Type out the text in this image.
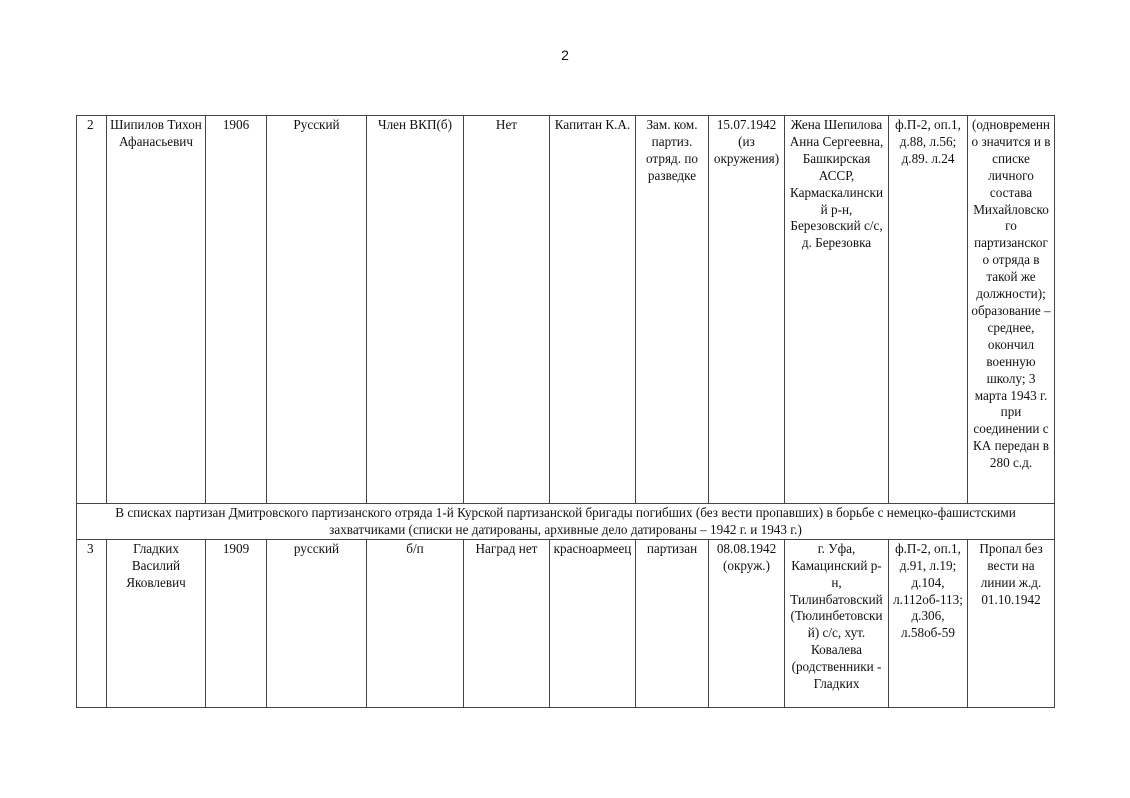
2
2	Шипилов Тихон Афанасьевич	1906	Русский	Член ВКП(б)	Нет	Капитан К.А.	Зам. ком. партиз. отряд. по разведке	15.07.1942 (из окружения)	Жена Шепилова Анна Сергеевна, Башкирская АССР, Кармаскалинский р-н, Березовский с/с, д. Березовка	ф.П-2, оп.1, д.88, л.56; д.89. л.24	(одновременно значится и в списке личного состава Михайловского партизанского отряда в такой же должности); образование – среднее, окончил военную школу; 3 марта 1943 г. при соединении с КА передан в 280 с.д.
В списках партизан Дмитровского партизанского отряда 1-й Курской партизанской бригады погибших (без вести пропавших) в борьбе с немецко-фашистскими захватчиками (списки не датированы, архивные дело датированы – 1942 г. и 1943 г.)											
3	Гладких Василий Яковлевич	1909	русский	б/п	Наград нет	красноармеец	партизан	08.08.1942 (окруж.)	г. Уфа, Камацинский р-н, Тилинбатовский (Тюлинбетовский) с/с, хут. Ковалева (родственники - Гладких	ф.П-2, оп.1, д.91, л.19; д.104, л.112об-113; д.306, л.58об-59	Пропал без вести на линии ж.д. 01.10.1942
